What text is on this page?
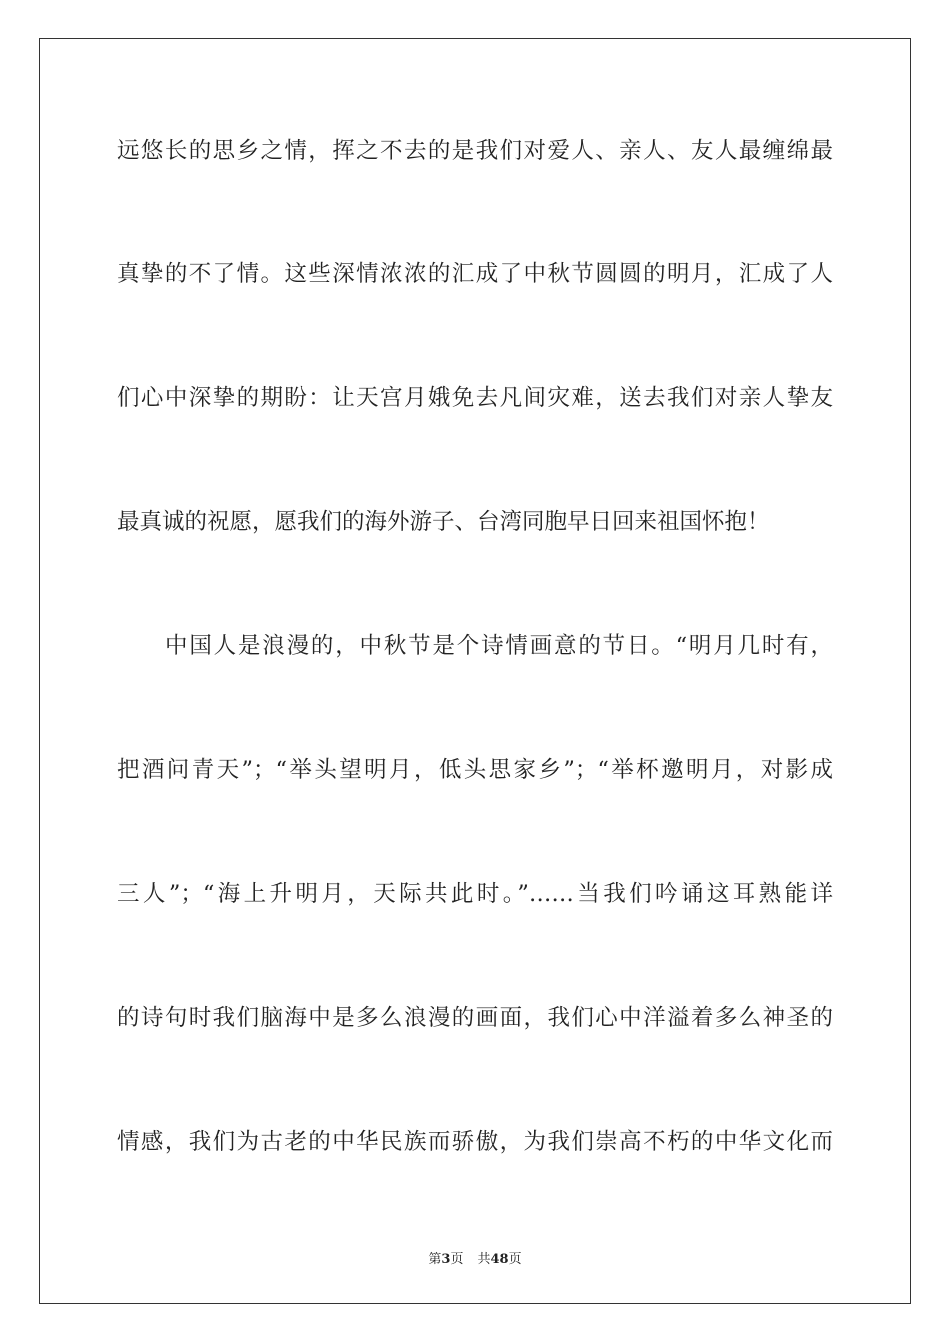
远悠长的思乡之情，挥之不去的是我们对爱人、亲人、友人最缠绵最
真挚的不了情。这些深情浓浓的汇成了中秋节圆圆的明月，汇成了人
们心中深挚的期盼：让天宫月娥免去凡间灾难，送去我们对亲人挚友
最真诚的祝愿，愿我们的海外游子、台湾同胞早日回来祖国怀抱！
中国人是浪漫的，中秋节是个诗情画意的节日。“明月几时有，
把酒问青天”；“举头望明月，低头思家乡”；“举杯邀明月，对影成
三人”；“海上升明月，天际共此时。”……当我们吟诵这耳熟能详
的诗句时我们脑海中是多么浪漫的画面，我们心中洋溢着多么神圣的
情感，我们为古老的中华民族而骄傲，为我们崇高不朽的中华文化而
第3页 共48页
